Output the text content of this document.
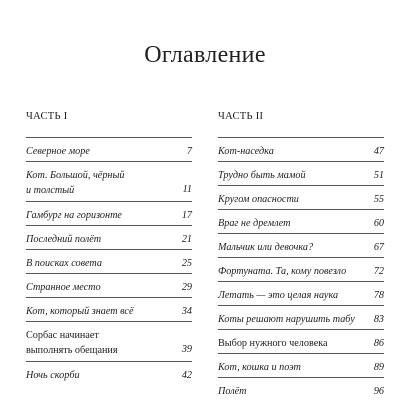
Оглавление
ЧАСТЬ I
Северное море	7
Кот. Большой, чёрный
и толстый	11
Гамбург на горизонте	17
Последний полёт	21
В поисках совета	25
Странное место	29
Кот, который знает всё	34
Сорбас начинает
выполнять обещания	39
Ночь скорби	42
ЧАСТЬ II
Кот-наседка	47
Трудно быть мамой	51
Кругом опасности	55
Враг не дремлет	60
Мальчик или девочка?	67
Фортуната. Та, кому повезло	72
Летать — это целая наука	78
Коты решают нарушить табу 83
Выбор нужного человека	86
Кот, кошка и поэт	89
Полёт	96
